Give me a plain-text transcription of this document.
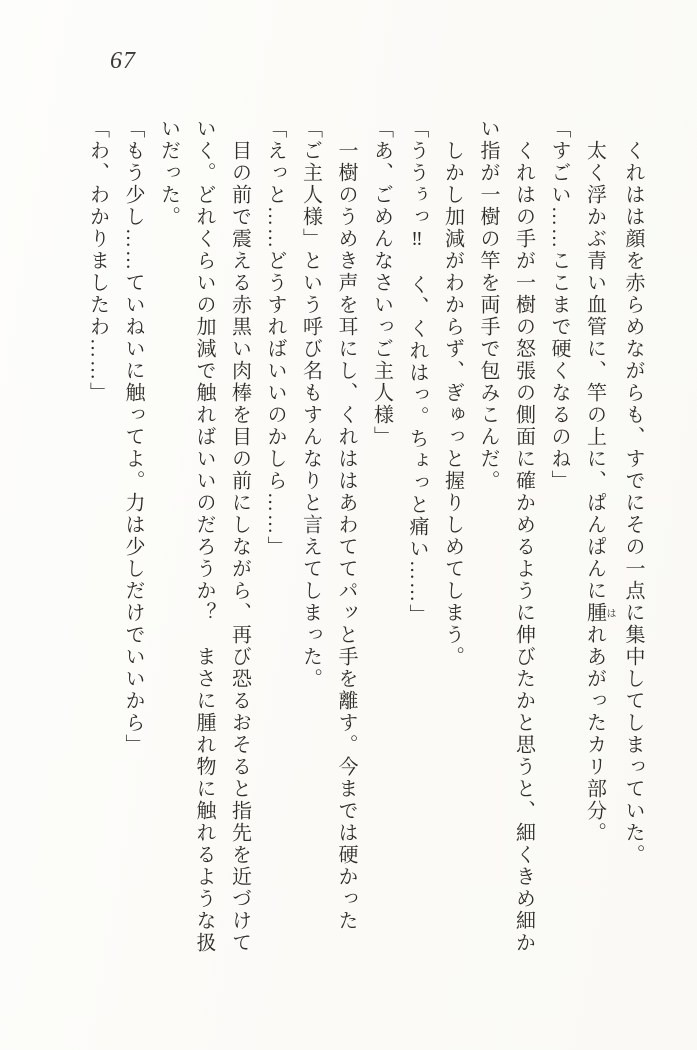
67

くれはは顔を赤らめながらも、すでにその一点に集中してしまっていた。

太く浮かぶ青い血管に、竿の上に、ぱんぱんに腫はれあがったカリ部分。

「すごい……ここまで硬くなるのね」

くれはの手が一樹の怒張の側面に確かめるように伸びたかと思うと、細くきめ細かい指が一樹の竿を両手で包みこんだ。

しかし加減がわからず、ぎゅっと握りしめてしまう。

「ううぅっ‼　く、くれはっ。ちょっと痛い……」

「あ、ごめんなさいっご主人様」

一樹のうめき声を耳にし、くれははあわててパッと手を離す。今までは硬かった「ご主人様」という呼び名もすんなりと言えてしまった。

「えっと……どうすればいいのかしら……」

目の前で震える赤黒い肉棒を目の前にしながら、再び恐るおそると指先を近づけていく。どれくらいの加減で触ればいいのだろうか？　まさに腫れ物に触れるような扱いだった。

「もう少し……ていねいに触ってよ。力は少しだけでいいから」

「わ、わかりましたわ……」
